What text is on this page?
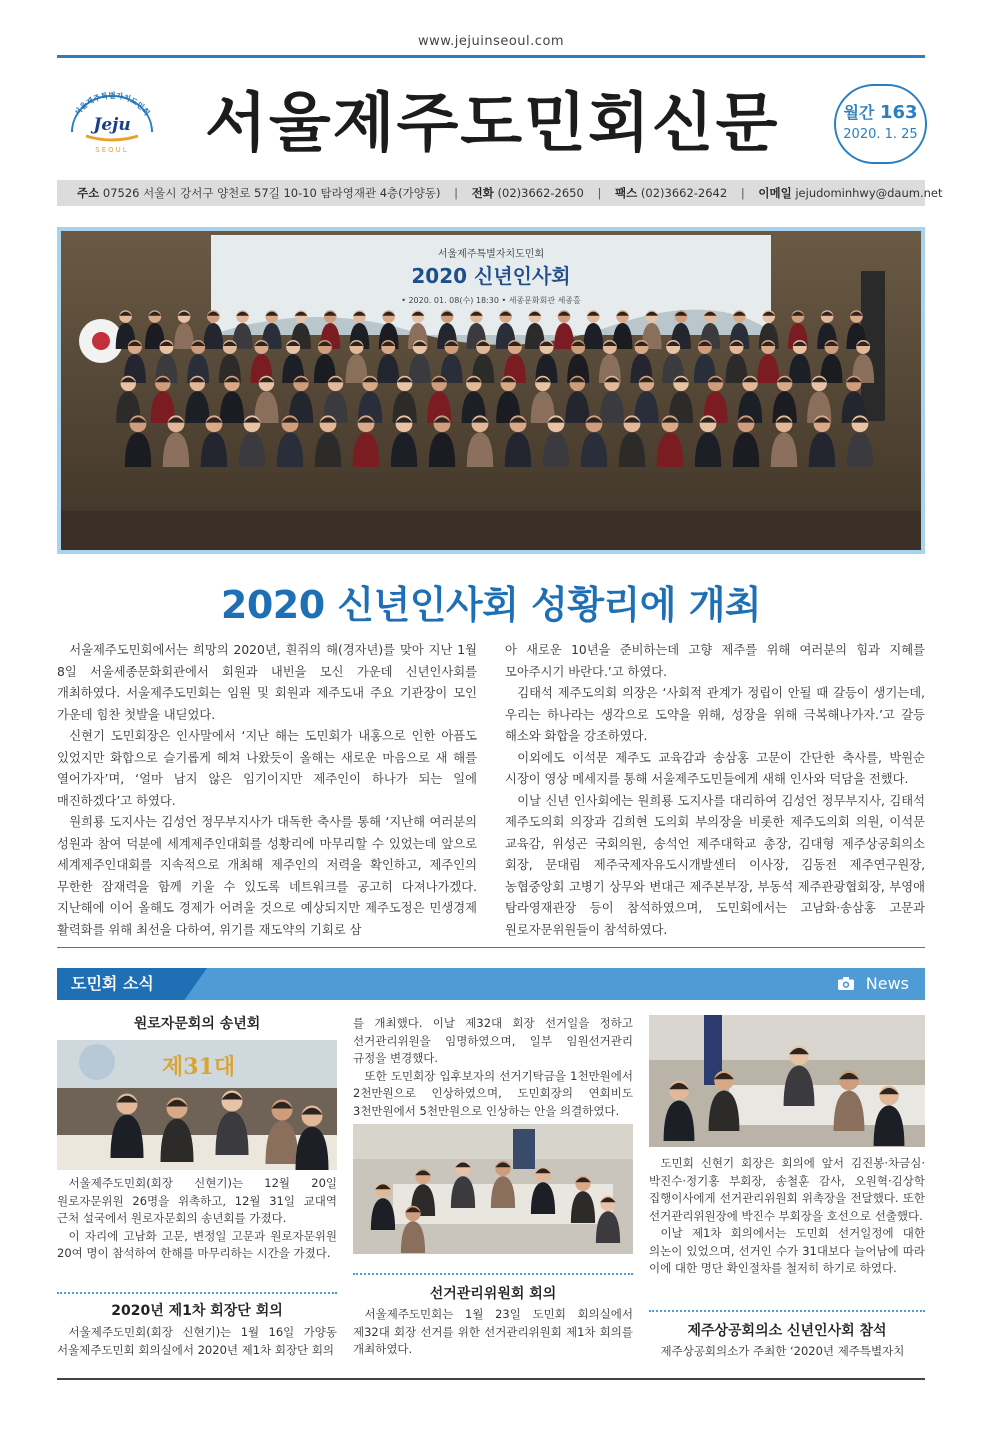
www.jejuinseoul.com
서울제주특별자치도민회
Jeju
SEOUL 서울제주도민회신문	월간 163
2020. 1. 25
주소 07526 서울시 강서구 양천로 57길 10-10 탐라영재관 4층(가양동) | 전화 (02)3662-2650 | 팩스 (02)3662-2642 | 이메일 jejudominhwy@daum.net
서울제주특별자치도민회
2020 신년인사회
• 2020. 01. 08(수) 18:30 • 세종문화회관 세종홀
2020 신년인사회 성황리에 개최

서울제주도민회에서는 희망의 2020년, 흰쥐의 해(경자년)를 맞아 지난 1월 8일 서울세종문화회관에서 회원과 내빈을 모신 가운데 신년인사회를 개최하였다. 서울제주도민회는 임원 및 회원과 제주도내 주요 기관장이 모인 가운데 힘찬 첫발을 내딛었다.

신현기 도민회장은 인사말에서 ‘지난 해는 도민회가 내홍으로 인한 아픔도 있었지만 화합으로 슬기롭게 헤쳐 나왔듯이 올해는 새로운 마음으로 새 해를 열어가자’며, ‘얼마 남지 않은 임기이지만 제주인이 하나가 되는 일에 매진하겠다’고 하였다.

원희룡 도지사는 김성언 정무부지사가 대독한 축사를 통해 ‘지난해 여러분의 성원과 참여 덕분에 세계제주인대회를 성황리에 마무리할 수 있었는데 앞으로 세계제주인대회를 지속적으로 개최해 제주인의 저력을 확인하고, 제주인의 무한한 잠재력을 함께 키울 수 있도록 네트워크를 공고히 다져나가겠다. 지난해에 이어 올해도 경제가 어려울 것으로 예상되지만 제주도정은 민생경제 활력화를 위해 최선을 다하여, 위기를 재도약의 기회로 삼

아 새로운 10년을 준비하는데 고향 제주를 위해 여러분의 힘과 지혜를 모아주시기 바란다.’고 하였다.

김태석 제주도의회 의장은 ‘사회적 관계가 정립이 안될 때 갈등이 생기는데, 우리는 하나라는 생각으로 도약을 위해, 성장을 위해 극복해나가자.’고 갈등 해소와 화합을 강조하였다.

이외에도 이석문 제주도 교육감과 송삼홍 고문이 간단한 축사를, 박원순 시장이 영상 메세지를 통해 서울제주도민들에게 새해 인사와 덕담을 전했다.

이날 신년 인사회에는 원희룡 도지사를 대리하여 김성언 정무부지사, 김태석 제주도의회 의장과 김희현 도의회 부의장을 비롯한 제주도의회 의원, 이석문 교육감, 위성곤 국회의원, 송석언 제주대학교 총장, 김대형 제주상공회의소 회장, 문대림 제주국제자유도시개발센터 이사장, 김동전 제주연구원장, 농협중앙회 고병기 상무와 변대근 제주본부장, 부동석 제주관광협회장, 부영애 탐라영재관장 등이 참석하였으며, 도민회에서는 고남화·송삼홍 고문과 원로자문위원들이 참석하였다.

도민회 소식	News
원로자문회의 송년회
제31대

서울제주도민회(회장 신현기)는 12월 20일 원로자문위원 26명을 위촉하고, 12월 31일 교대역 근처 설국에서 원로자문회의 송년회를 가졌다.

이 자리에 고남화 고문, 변정일 고문과 원로자문위원 20여 명이 참석하여 한해를 마무리하는 시간을 가졌다.

2020년 제1차 회장단 회의

서울제주도민회(회장 신현기)는 1월 16일 가양동 서울제주도민회 회의실에서 2020년 제1차 회장단 회의

를 개최했다. 이날 제32대 회장 선거일을 정하고 선거관리위원을 임명하였으며, 일부 임원선거관리 규정을 변경했다.

또한 도민회장 입후보자의 선거기탁금을 1천만원에서 2천만원으로 인상하였으며, 도민회장의 연회비도 3천만원에서 5천만원으로 인상하는 안을 의결하였다.

선거관리위원회 회의

서울제주도민회는 1월 23일 도민회 회의실에서 제32대 회장 선거를 위한 선거관리위원회 제1차 회의를 개최하였다.

도민회 신현기 회장은 회의에 앞서 김진봉·차금심·박진수·정기홍 부회장, 송철훈 감사, 오원혁·김상학 집행이사에게 선거관리위원회 위촉장을 전달했다. 또한 선거관리위원장에 박진수 부회장을 호선으로 선출했다.

이날 제1차 회의에서는 도민회 선거일정에 대한 의논이 있었으며, 선거인 수가 31대보다 늘어남에 따라 이에 대한 명단 확인절차를 철저히 하기로 하였다.

제주상공회의소 신년인사회 참석

제주상공회의소가 주최한 ‘2020년 제주특별자치
